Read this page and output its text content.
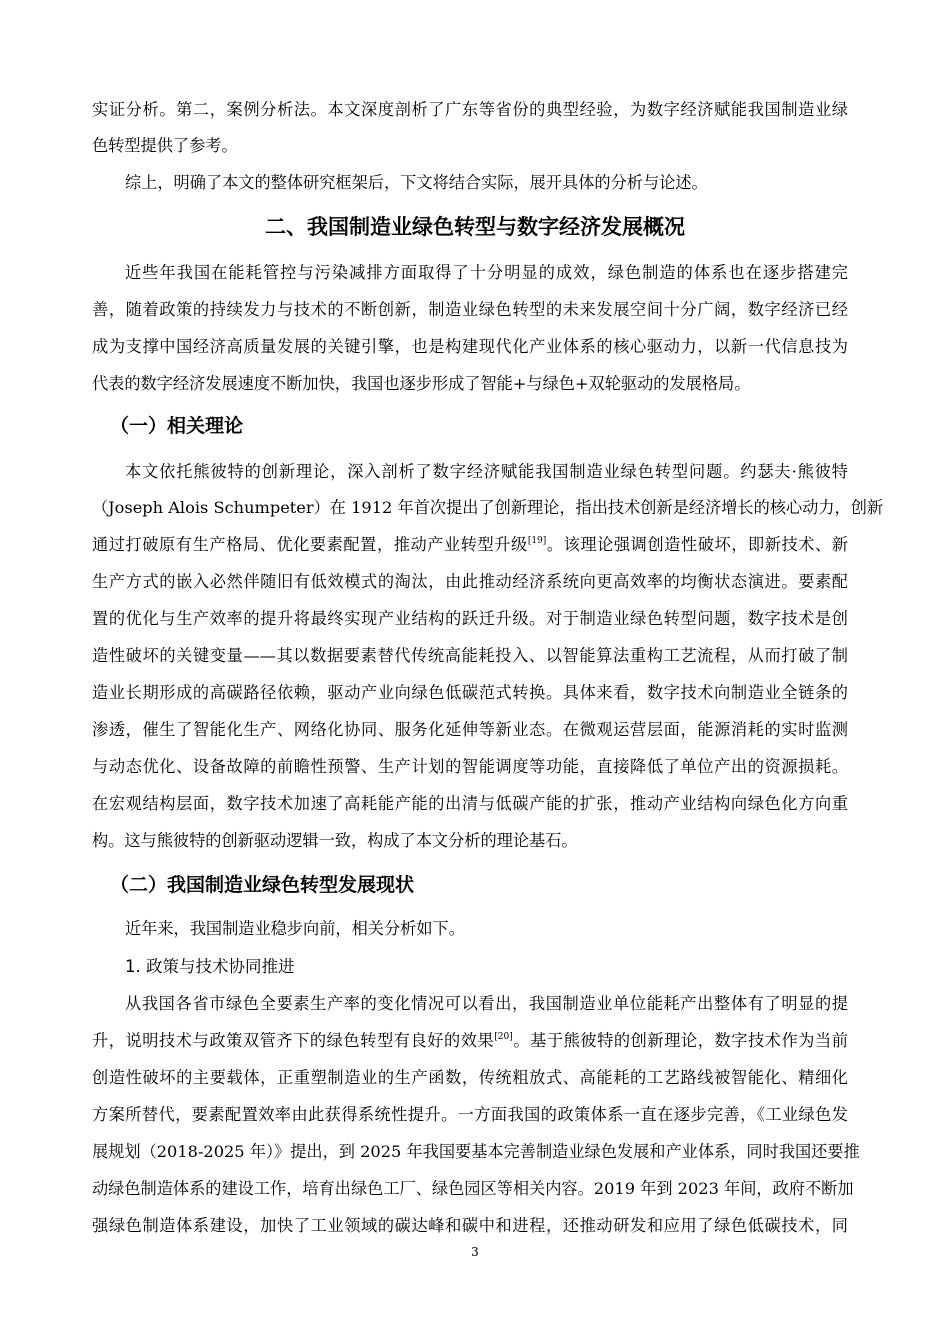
实证分析。第二，案例分析法。本文深度剖析了广东等省份的典型经验，为数字经济赋能我国制造业绿
色转型提供了参考。
综上，明确了本文的整体研究框架后，下文将结合实际，展开具体的分析与论述。
二、我国制造业绿色转型与数字经济发展概况
近些年我国在能耗管控与污染减排方面取得了十分明显的成效，绿色制造的体系也在逐步搭建完
善，随着政策的持续发力与技术的不断创新，制造业绿色转型的未来发展空间十分广阔，数字经济已经
成为支撑中国经济高质量发展的关键引擎，也是构建现代化产业体系的核心驱动力，以新一代信息技为
代表的数字经济发展速度不断加快，我国也逐步形成了智能+与绿色+双轮驱动的发展格局。
（一）相关理论
本文依托熊彼特的创新理论，深入剖析了数字经济赋能我国制造业绿色转型问题。约瑟夫·熊彼特
（Joseph Alois Schumpeter）在 1912 年首次提出了创新理论，指出技术创新是经济增长的核心动力，创新
通过打破原有生产格局、优化要素配置，推动产业转型升级[19]。该理论强调创造性破坏，即新技术、新
生产方式的嵌入必然伴随旧有低效模式的淘汰，由此推动经济系统向更高效率的均衡状态演进。要素配
置的优化与生产效率的提升将最终实现产业结构的跃迁升级。对于制造业绿色转型问题，数字技术是创
造性破坏的关键变量——其以数据要素替代传统高能耗投入、以智能算法重构工艺流程，从而打破了制
造业长期形成的高碳路径依赖，驱动产业向绿色低碳范式转换。具体来看，数字技术向制造业全链条的
渗透，催生了智能化生产、网络化协同、服务化延伸等新业态。在微观运营层面，能源消耗的实时监测
与动态优化、设备故障的前瞻性预警、生产计划的智能调度等功能，直接降低了单位产出的资源损耗。
在宏观结构层面，数字技术加速了高耗能产能的出清与低碳产能的扩张，推动产业结构向绿色化方向重
构。这与熊彼特的创新驱动逻辑一致，构成了本文分析的理论基石。
（二）我国制造业绿色转型发展现状
近年来，我国制造业稳步向前，相关分析如下。
1. 政策与技术协同推进
从我国各省市绿色全要素生产率的变化情况可以看出，我国制造业单位能耗产出整体有了明显的提
升，说明技术与政策双管齐下的绿色转型有良好的效果[20]。基于熊彼特的创新理论，数字技术作为当前
创造性破坏的主要载体，正重塑制造业的生产函数，传统粗放式、高能耗的工艺路线被智能化、精细化
方案所替代，要素配置效率由此获得系统性提升。一方面我国的政策体系一直在逐步完善，《工业绿色发
展规划（2018-2025 年）》提出，到 2025 年我国要基本完善制造业绿色发展和产业体系，同时我国还要推
动绿色制造体系的建设工作，培育出绿色工厂、绿色园区等相关内容。2019 年到 2023 年间，政府不断加
强绿色制造体系建设，加快了工业领域的碳达峰和碳中和进程，还推动研发和应用了绿色低碳技术，同
3
